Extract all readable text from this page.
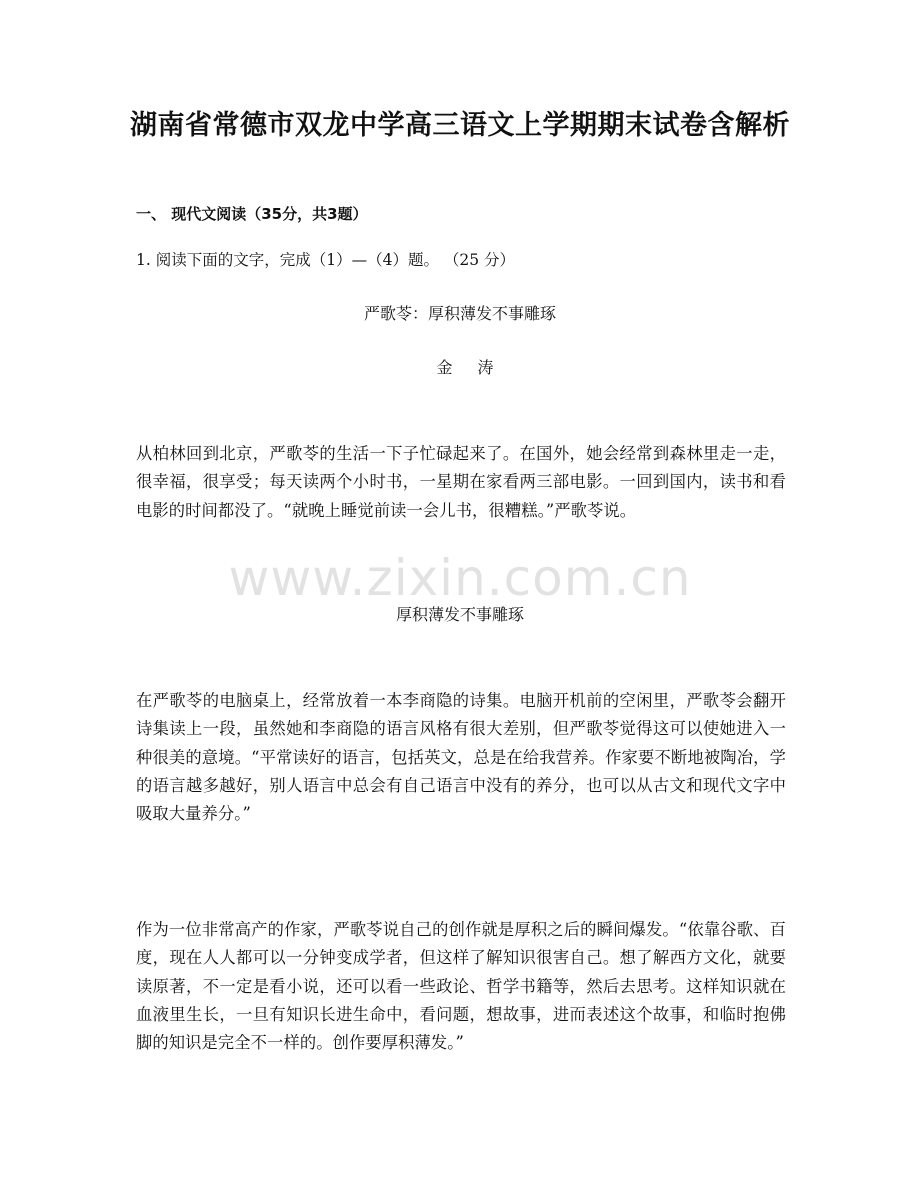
湖南省常德市双龙中学高三语文上学期期末试卷含解析
一、 现代文阅读（35分，共3题）
1. 阅读下面的文字，完成（1）—（4）题。 （25 分）
严歌苓：厚积薄发不事雕琢
金 涛
从柏林回到北京，严歌苓的生活一下子忙碌起来了。在国外，她会经常到森林里走一走，很幸福，很享受；每天读两个小时书，一星期在家看两三部电影。一回到国内，读书和看电影的时间都没了。“就晚上睡觉前读一会儿书，很糟糕。”严歌苓说。
厚积薄发不事雕琢
在严歌苓的电脑桌上，经常放着一本李商隐的诗集。电脑开机前的空闲里，严歌苓会翻开诗集读上一段，虽然她和李商隐的语言风格有很大差别，但严歌苓觉得这可以使她进入一种很美的意境。“平常读好的语言，包括英文，总是在给我营养。作家要不断地被陶冶，学的语言越多越好，别人语言中总会有自己语言中没有的养分，也可以从古文和现代文字中吸取大量养分。”
作为一位非常高产的作家，严歌苓说自己的创作就是厚积之后的瞬间爆发。“依靠谷歌、百度，现在人人都可以一分钟变成学者，但这样了解知识很害自己。想了解西方文化，就要读原著，不一定是看小说，还可以看一些政论、哲学书籍等，然后去思考。这样知识就在血液里生长，一旦有知识长进生命中，看问题，想故事，进而表述这个故事，和临时抱佛脚的知识是完全不一样的。创作要厚积薄发。”
www.zixin.com.cn
